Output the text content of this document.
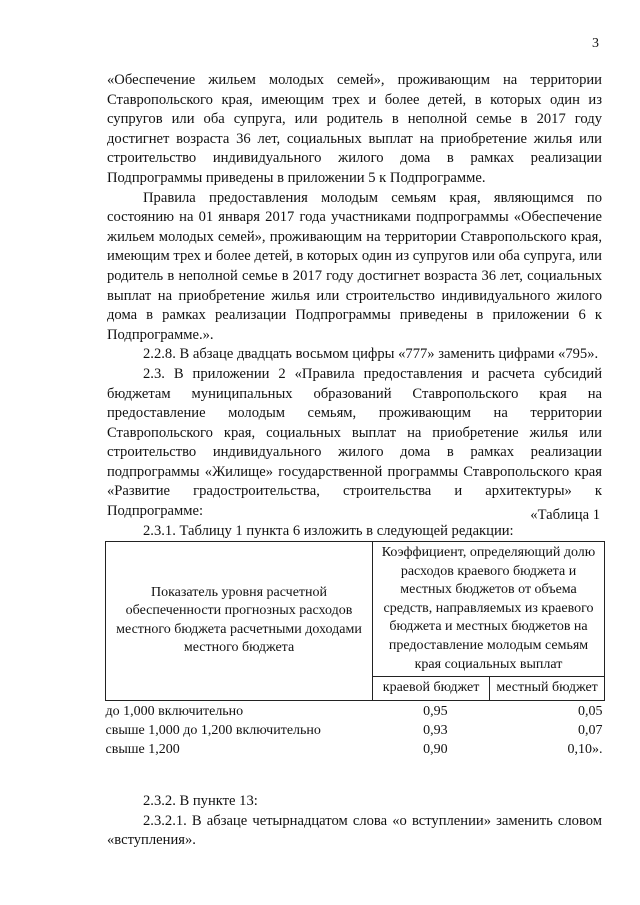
3

«Обеспечение жильем молодых семей», проживающим на территории Ставропольского края, имеющим трех и более детей, в которых один из супругов или оба супруга, или родитель в неполной семье в 2017 году достигнет возраста 36 лет, социальных выплат на приобретение жилья или строительство индивидуального жилого дома в рамках реализации Подпрограммы приведены в приложении 5 к Подпрограмме.

Правила предоставления молодым семьям края, являющимся по состоянию на 01 января 2017 года участниками подпрограммы «Обеспечение жильем молодых семей», проживающим на территории Ставропольского края, имеющим трех и более детей, в которых один из супругов или оба супруга, или родитель в неполной семье в 2017 году достигнет возраста 36 лет, социальных выплат на приобретение жилья или строительство индивидуального жилого дома в рамках реализации Подпрограммы приведены в приложении 6 к Подпрограмме.».

2.2.8. В абзаце двадцать восьмом цифры «777» заменить цифрами «795».

2.3. В приложении 2 «Правила предоставления и расчета субсидий бюджетам муниципальных образований Ставропольского края на предоставление молодым семьям, проживающим на территории Ставропольского края, социальных выплат на приобретение жилья или строительство индивидуального жилого дома в рамках реализации подпрограммы «Жилище» государственной программы Ставропольского края «Развитие градостроительства, строительства и архитектуры» к Подпрограмме:

2.3.1. Таблицу 1 пункта 6 изложить в следующей редакции:

«Таблица 1
Показатель уровня расчетной обеспеченности прогнозных расходов местного бюджета расчетными доходами местного бюджета	Коэффициент, определяющий долю расходов краевого бюджета и местных бюджетов от объема средств, направляемых из краевого бюджета и местных бюджетов на предоставление молодым семьям края социальных выплат	
	краевой бюджет	местный бюджет

до 1,000 включительно	0,95	0,05
свыше 1,000 до 1,200 включительно	0,93	0,07
свыше 1,200	0,90	0,10».

2.3.2. В пункте 13:

2.3.2.1. В абзаце четырнадцатом слова «о вступлении» заменить словом «вступления».
